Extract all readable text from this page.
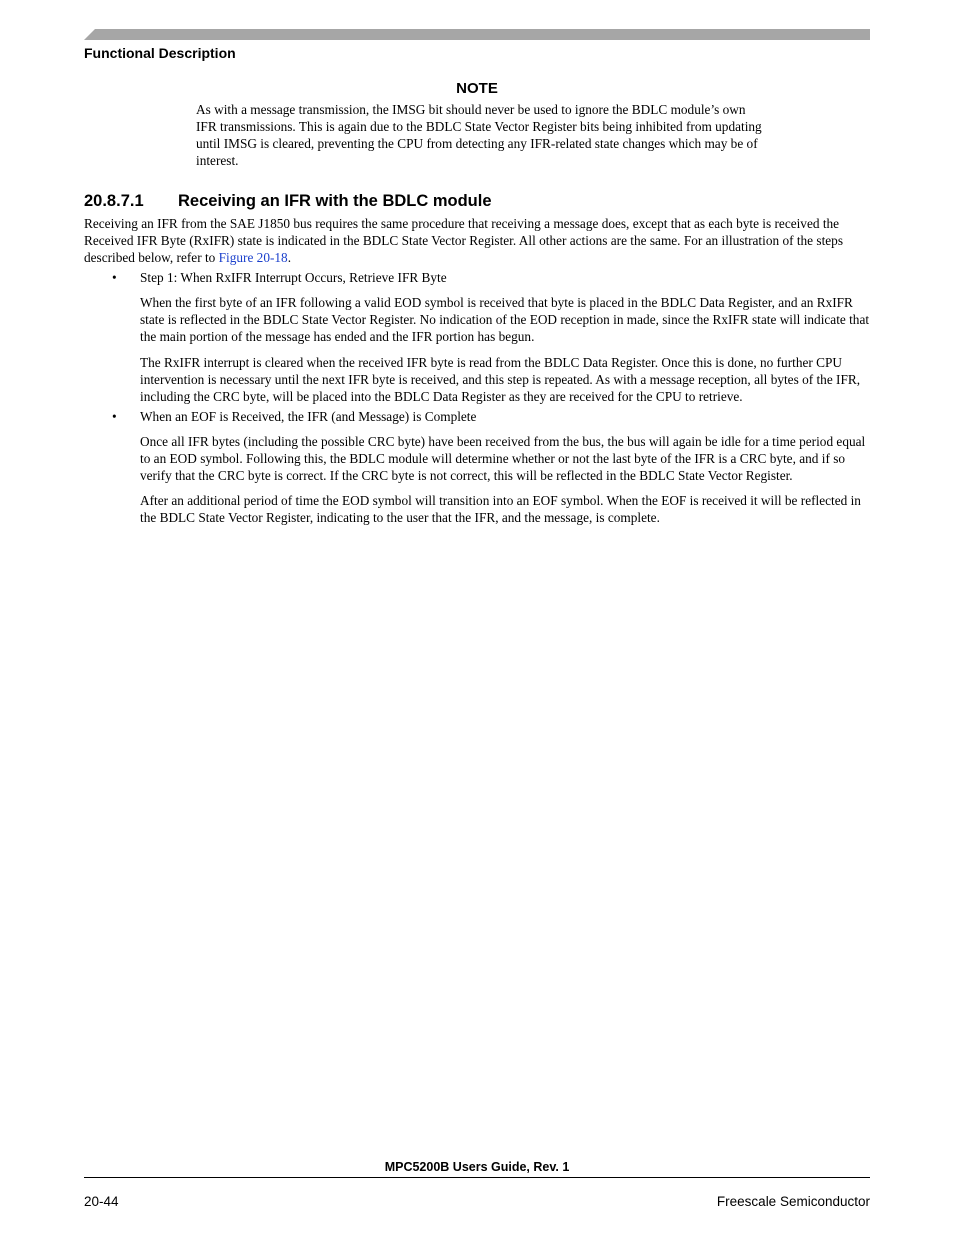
Functional Description
NOTE

As with a message transmission, the IMSG bit should never be used to ignore the BDLC module’s own IFR transmissions. This is again due to the BDLC State Vector Register bits being inhibited from updating until IMSG is cleared, preventing the CPU from detecting any IFR-related state changes which may be of interest.

20.8.7.1 Receiving an IFR with the BDLC module

Receiving an IFR from the SAE J1850 bus requires the same procedure that receiving a message does, except that as each byte is received the Received IFR Byte (RxIFR) state is indicated in the BDLC State Vector Register. All other actions are the same. For an illustration of the steps described below, refer to Figure 20-18.

• Step 1: When RxIFR Interrupt Occurs, Retrieve IFR Byte

When the first byte of an IFR following a valid EOD symbol is received that byte is placed in the BDLC Data Register, and an RxIFR state is reflected in the BDLC State Vector Register. No indication of the EOD reception in made, since the RxIFR state will indicate that the main portion of the message has ended and the IFR portion has begun.

The RxIFR interrupt is cleared when the received IFR byte is read from the BDLC Data Register. Once this is done, no further CPU intervention is necessary until the next IFR byte is received, and this step is repeated. As with a message reception, all bytes of the IFR, including the CRC byte, will be placed into the BDLC Data Register as they are received for the CPU to retrieve.

• When an EOF is Received, the IFR (and Message) is Complete

Once all IFR bytes (including the possible CRC byte) have been received from the bus, the bus will again be idle for a time period equal to an EOD symbol. Following this, the BDLC module will determine whether or not the last byte of the IFR is a CRC byte, and if so verify that the CRC byte is correct. If the CRC byte is not correct, this will be reflected in the BDLC State Vector Register.

After an additional period of time the EOD symbol will transition into an EOF symbol. When the EOF is received it will be reflected in the BDLC State Vector Register, indicating to the user that the IFR, and the message, is complete.

MPC5200B Users Guide, Rev. 1
20-44	Freescale Semiconductor
